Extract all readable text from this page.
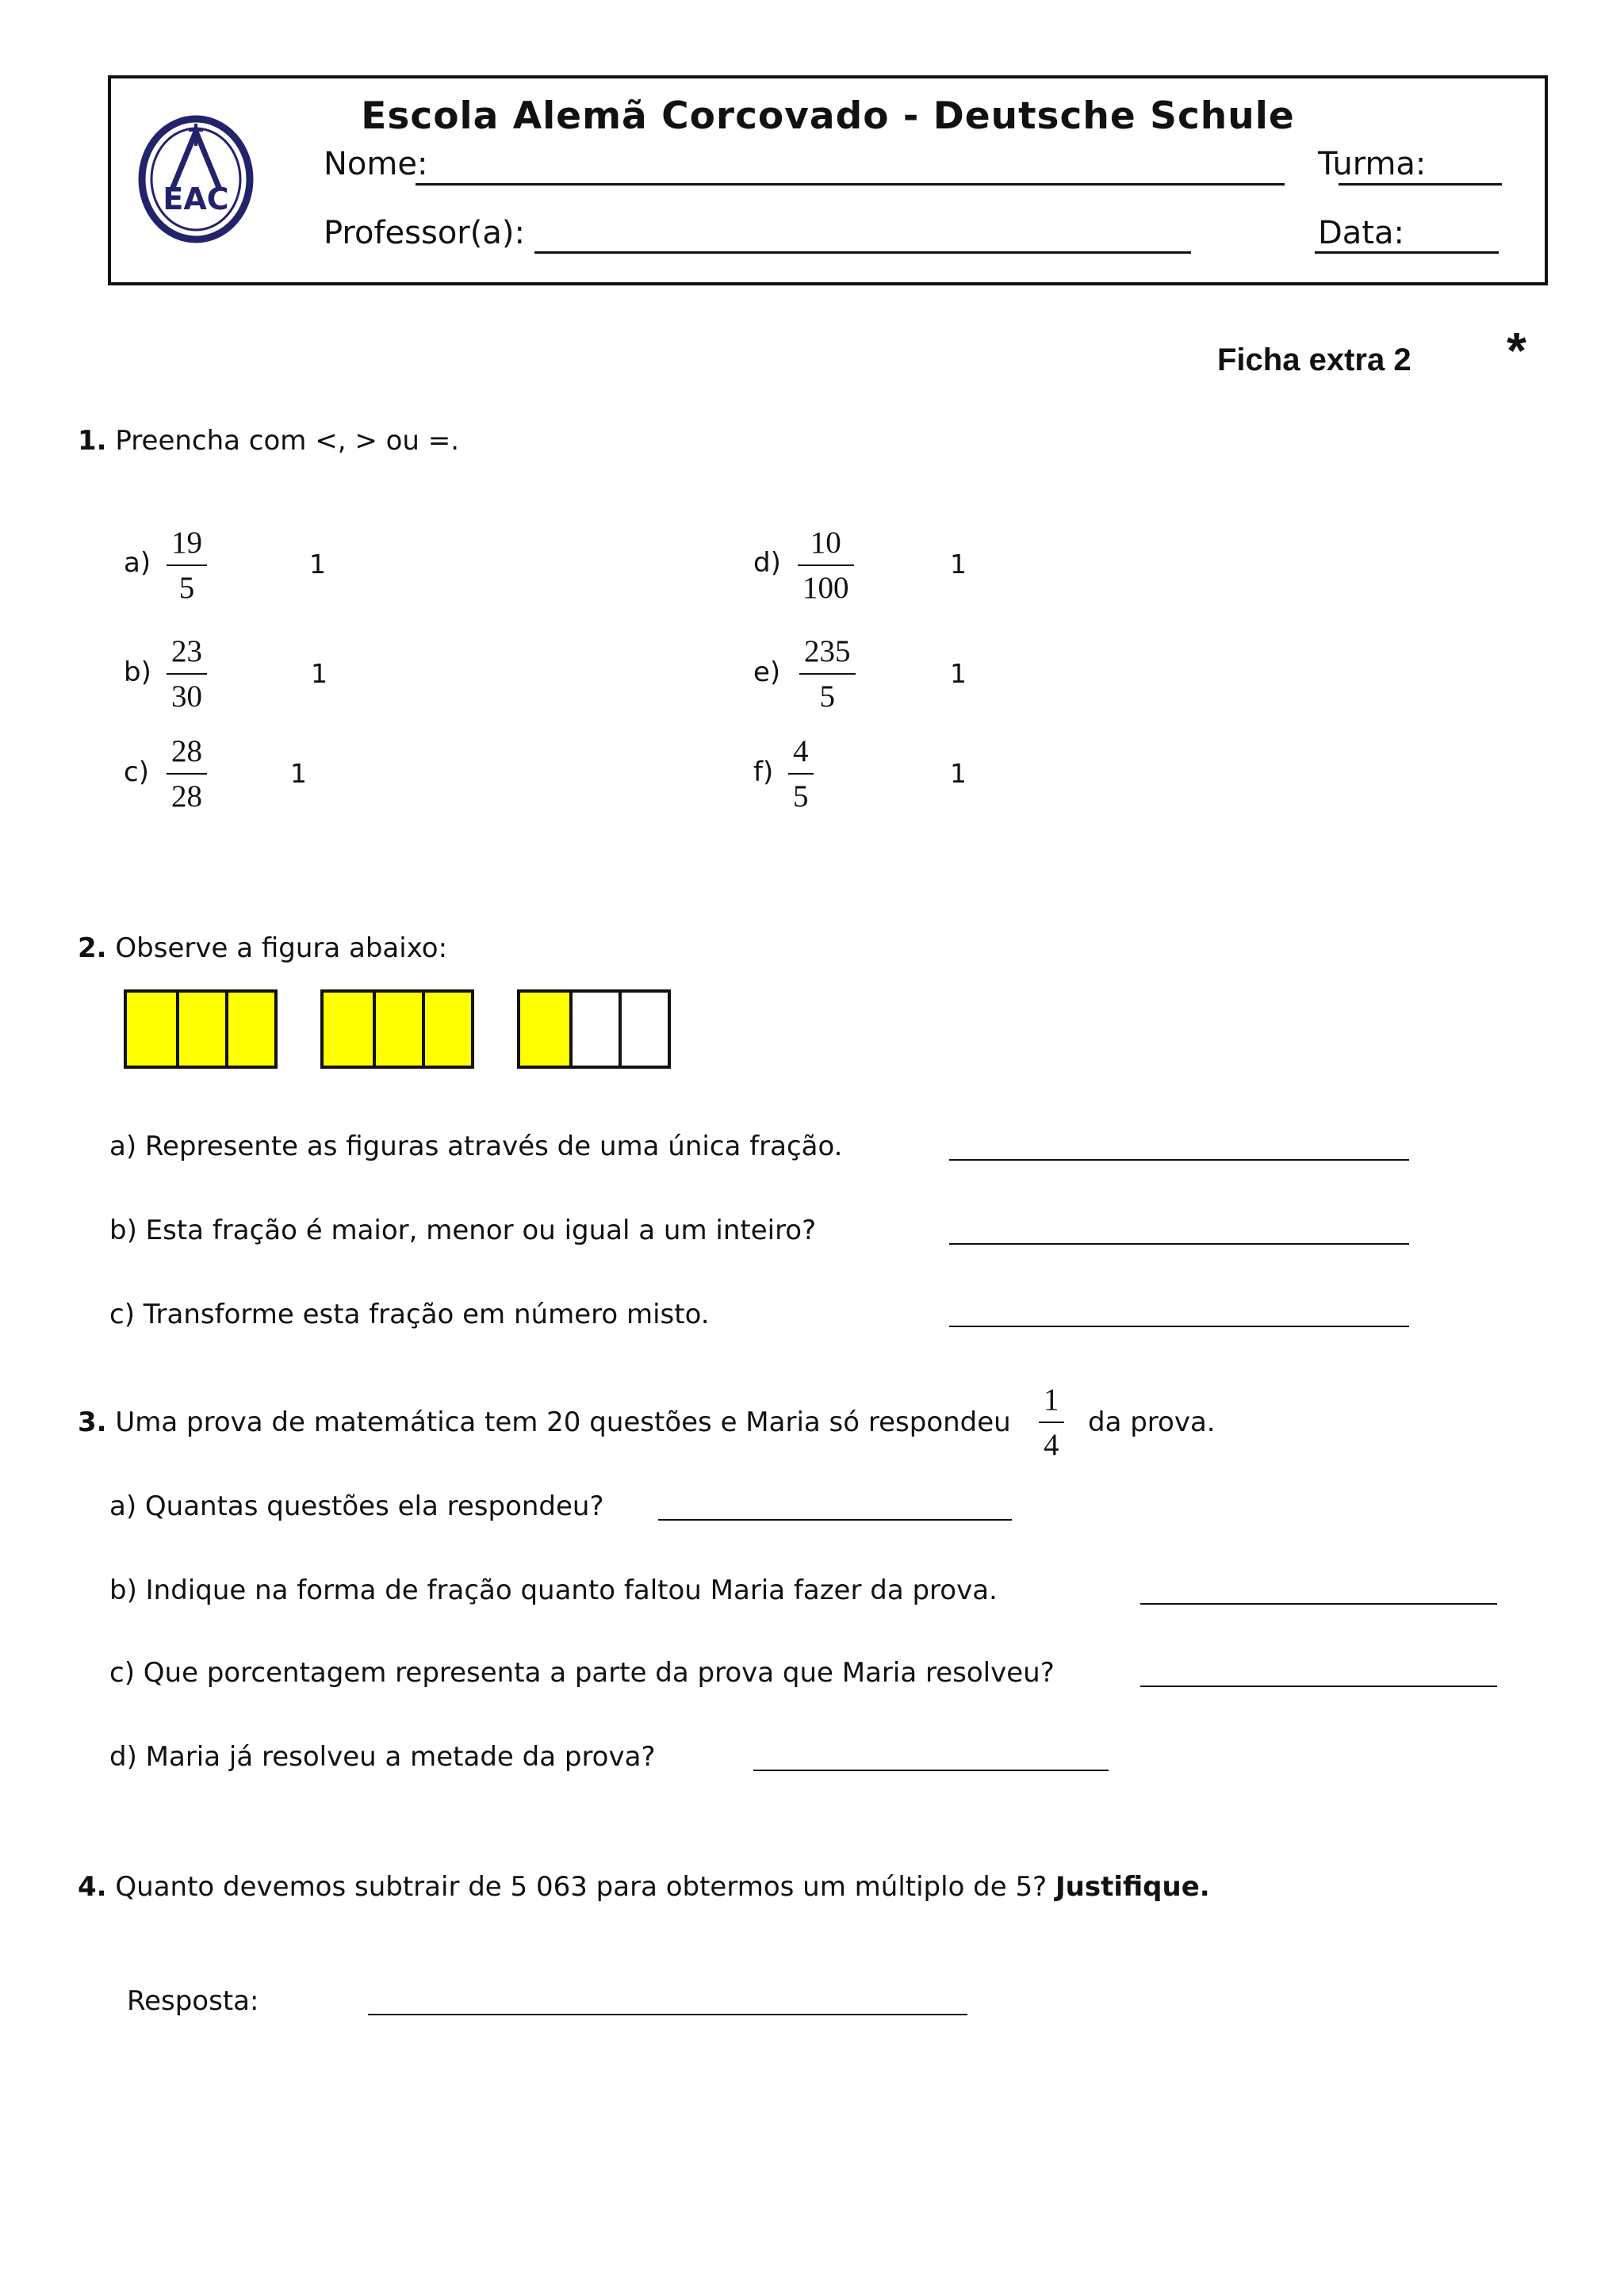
EAC
Escola Alemã Corcovado - Deutsche Schule
Nome:	Turma:
Professor(a):	Data:
Ficha extra 2 *
1. Preencha com <, > ou =.
a)
19
5
1
b)
23
30
1
c)
28
28
1
d)
10
100
1
e)
235
5
1
f)
4
5
1
2. Observe a figura abaixo:
a) Represente as figuras através de uma única fração.
b) Esta fração é maior, menor ou igual a um inteiro?
c) Transforme esta fração em número misto.
3. Uma prova de matemática tem 20 questões e Maria só respondeu
1
4
da prova.
a) Quantas questões ela respondeu?
b) Indique na forma de fração quanto faltou Maria fazer da prova.
c) Que porcentagem representa a parte da prova que Maria resolveu?
d) Maria já resolveu a metade da prova?
4. Quanto devemos subtrair de 5 063 para obtermos um múltiplo de 5? Justifique.
Resposta:
